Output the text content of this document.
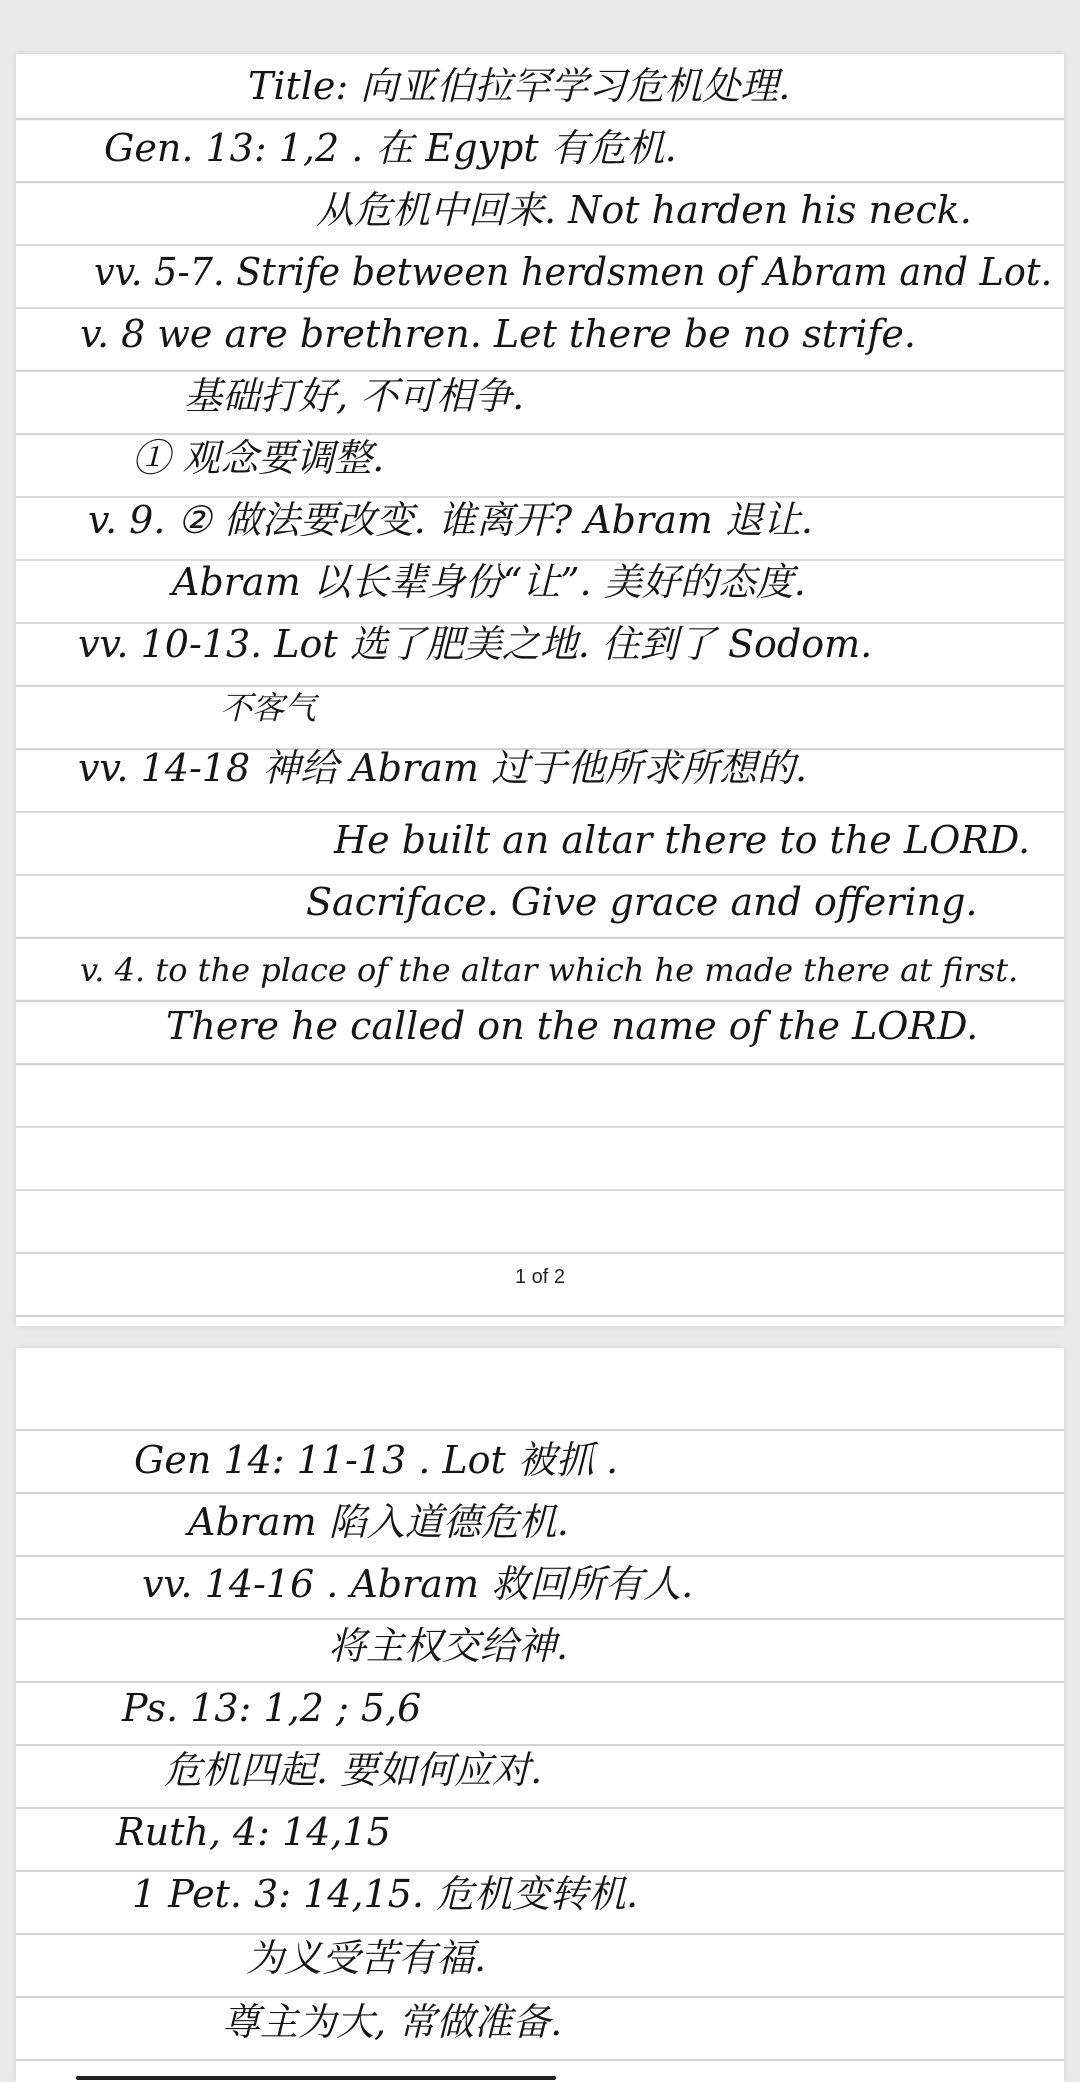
Title: 向亚伯拉罕学习危机处理.
Gen. 13: 1,2 . 在 Egypt 有危机.
从危机中回来. Not harden his neck.
vv. 5-7. Strife between herdsmen of Abram and Lot.
v. 8 we are brethren. Let there be no strife.
基础打好, 不可相争.
① 观念要调整.
v. 9. ② 做法要改变. 谁离开? Abram 退让.
Abram 以长辈身份“让”. 美好的态度.
vv. 10-13. Lot 选了肥美之地. 住到了 Sodom.
不客气
vv. 14-18 神给 Abram 过于他所求所想的.
He built an altar there to the LORD.
Sacriface. Give grace and offering.
v. 4. to the place of the altar which he made there at first.
There he called on the name of the LORD.
1 of 2
Gen 14: 11-13 . Lot 被抓 .
Abram 陷入道德危机.
vv. 14-16 . Abram 救回所有人.
将主权交给神.
Ps. 13: 1,2 ; 5,6
危机四起. 要如何应对.
Ruth, 4: 14,15
1 Pet. 3: 14,15. 危机变转机.
为义受苦有福.
尊主为大, 常做准备.
